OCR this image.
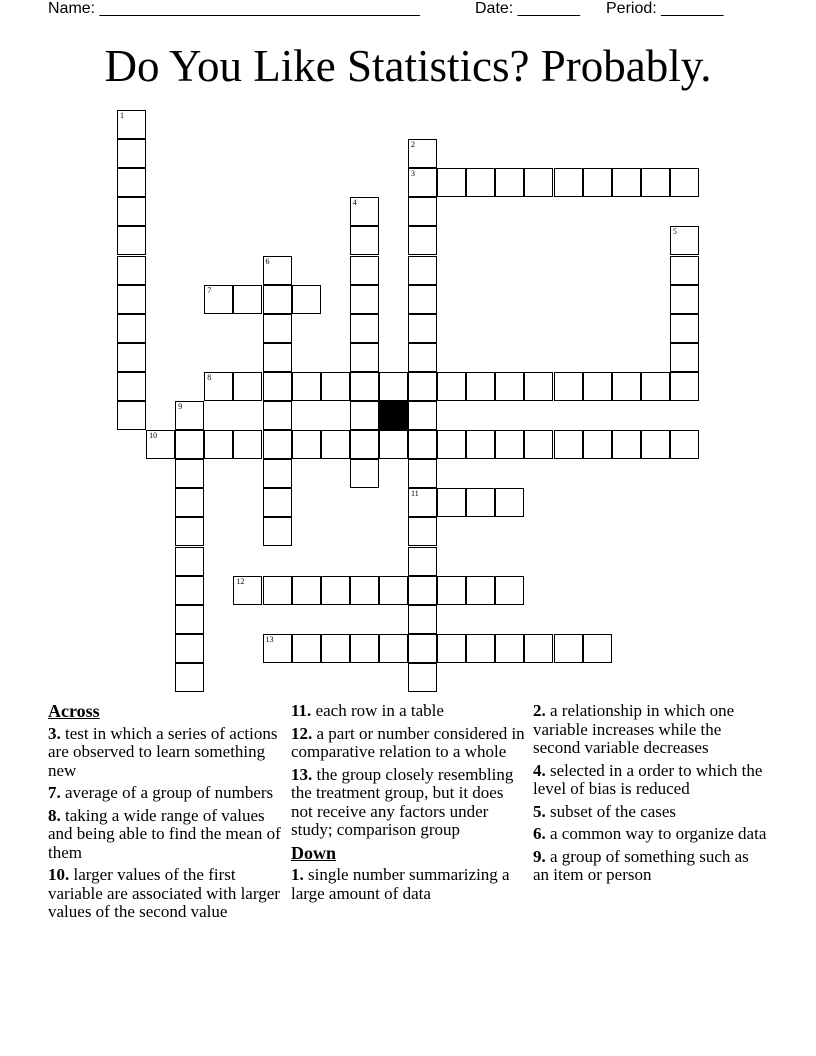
Name: ____________________________________	Date: _______ Period: _______
Do You Like Statistics? Probably.
1
2
3
11
4
5
6
7
8
9
10
12
13
Across
3. test in which a series of actions are observed to learn something new
7. average of a group of numbers
8. taking a wide range of values and being able to find the mean of them
10. larger values of the first variable are associated with larger values of the second value
11. each row in a table
12. a part or number considered in comparative relation to a whole
13. the group closely resembling the treatment group, but it does not receive any factors under study; comparison group
Down
1. single number summarizing a large amount of data
2. a relationship in which one variable increases while the second variable decreases
4. selected in a order to which the level of bias is reduced
5. subset of the cases
6. a common way to organize data
9. a group of something such as an item or person
